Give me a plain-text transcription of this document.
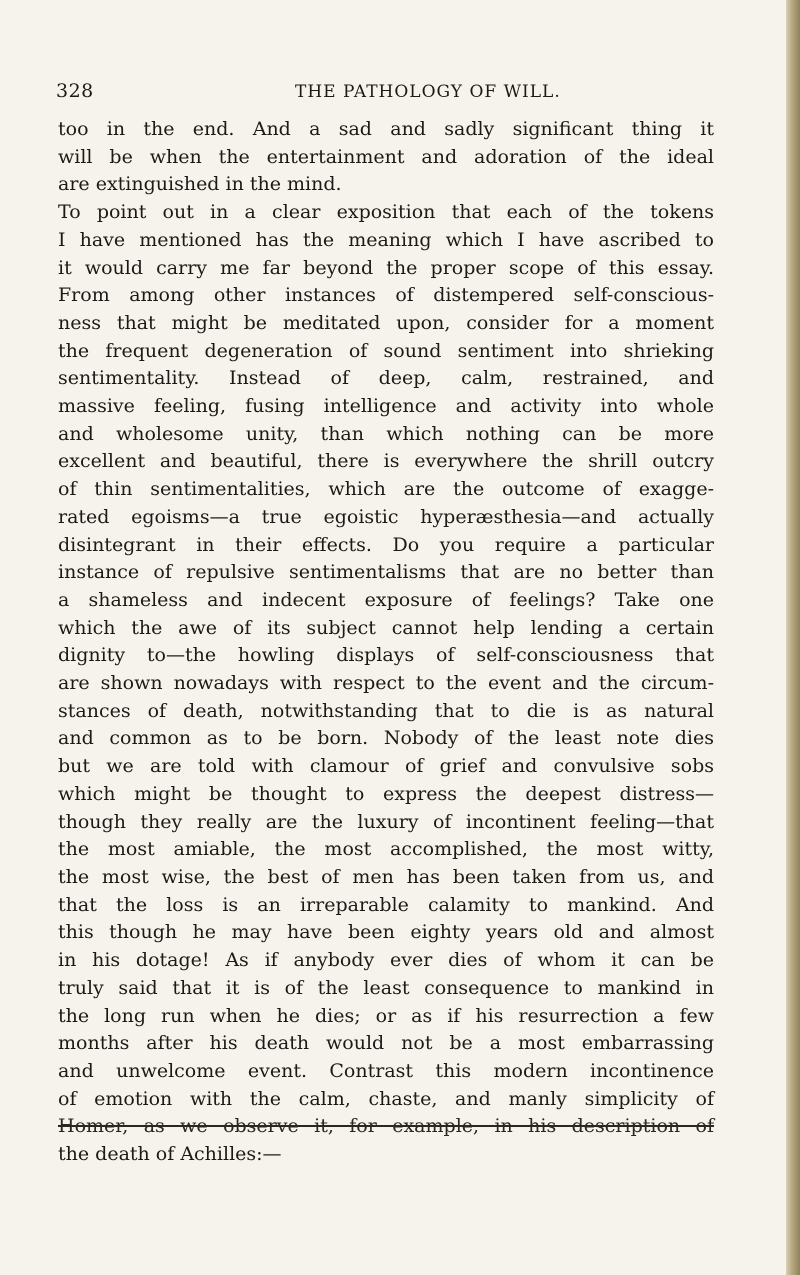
328	THE PATHOLOGY OF WILL.
too in the end. And a sad and sadly significant thing it
will be when the entertainment and adoration of the ideal
are extinguished in the mind.
To point out in a clear exposition that each of the tokens
I have mentioned has the meaning which I have ascribed to
it would carry me far beyond the proper scope of this essay.
From among other instances of distempered self-conscious-
ness that might be meditated upon, consider for a moment
the frequent degeneration of sound sentiment into shrieking
sentimentality. Instead of deep, calm, restrained, and
massive feeling, fusing intelligence and activity into whole
and wholesome unity, than which nothing can be more
excellent and beautiful, there is everywhere the shrill outcry
of thin sentimentalities, which are the outcome of exagge-
rated egoisms—a true egoistic hyperæsthesia—and actually
disintegrant in their effects. Do you require a particular
instance of repulsive sentimentalisms that are no better than
a shameless and indecent exposure of feelings? Take one
which the awe of its subject cannot help lending a certain
dignity to—the howling displays of self-consciousness that
are shown nowadays with respect to the event and the circum-
stances of death, notwithstanding that to die is as natural
and common as to be born. Nobody of the least note dies
but we are told with clamour of grief and convulsive sobs
which might be thought to express the deepest distress—
though they really are the luxury of incontinent feeling—that
the most amiable, the most accomplished, the most witty,
the most wise, the best of men has been taken from us, and
that the loss is an irreparable calamity to mankind. And
this though he may have been eighty years old and almost
in his dotage! As if anybody ever dies of whom it can be
truly said that it is of the least consequence to mankind in
the long run when he dies; or as if his resurrection a few
months after his death would not be a most embarrassing
and unwelcome event. Contrast this modern incontinence
of emotion with the calm, chaste, and manly simplicity of
Homer, as we observe it, for example, in his description of
the death of Achilles:—
